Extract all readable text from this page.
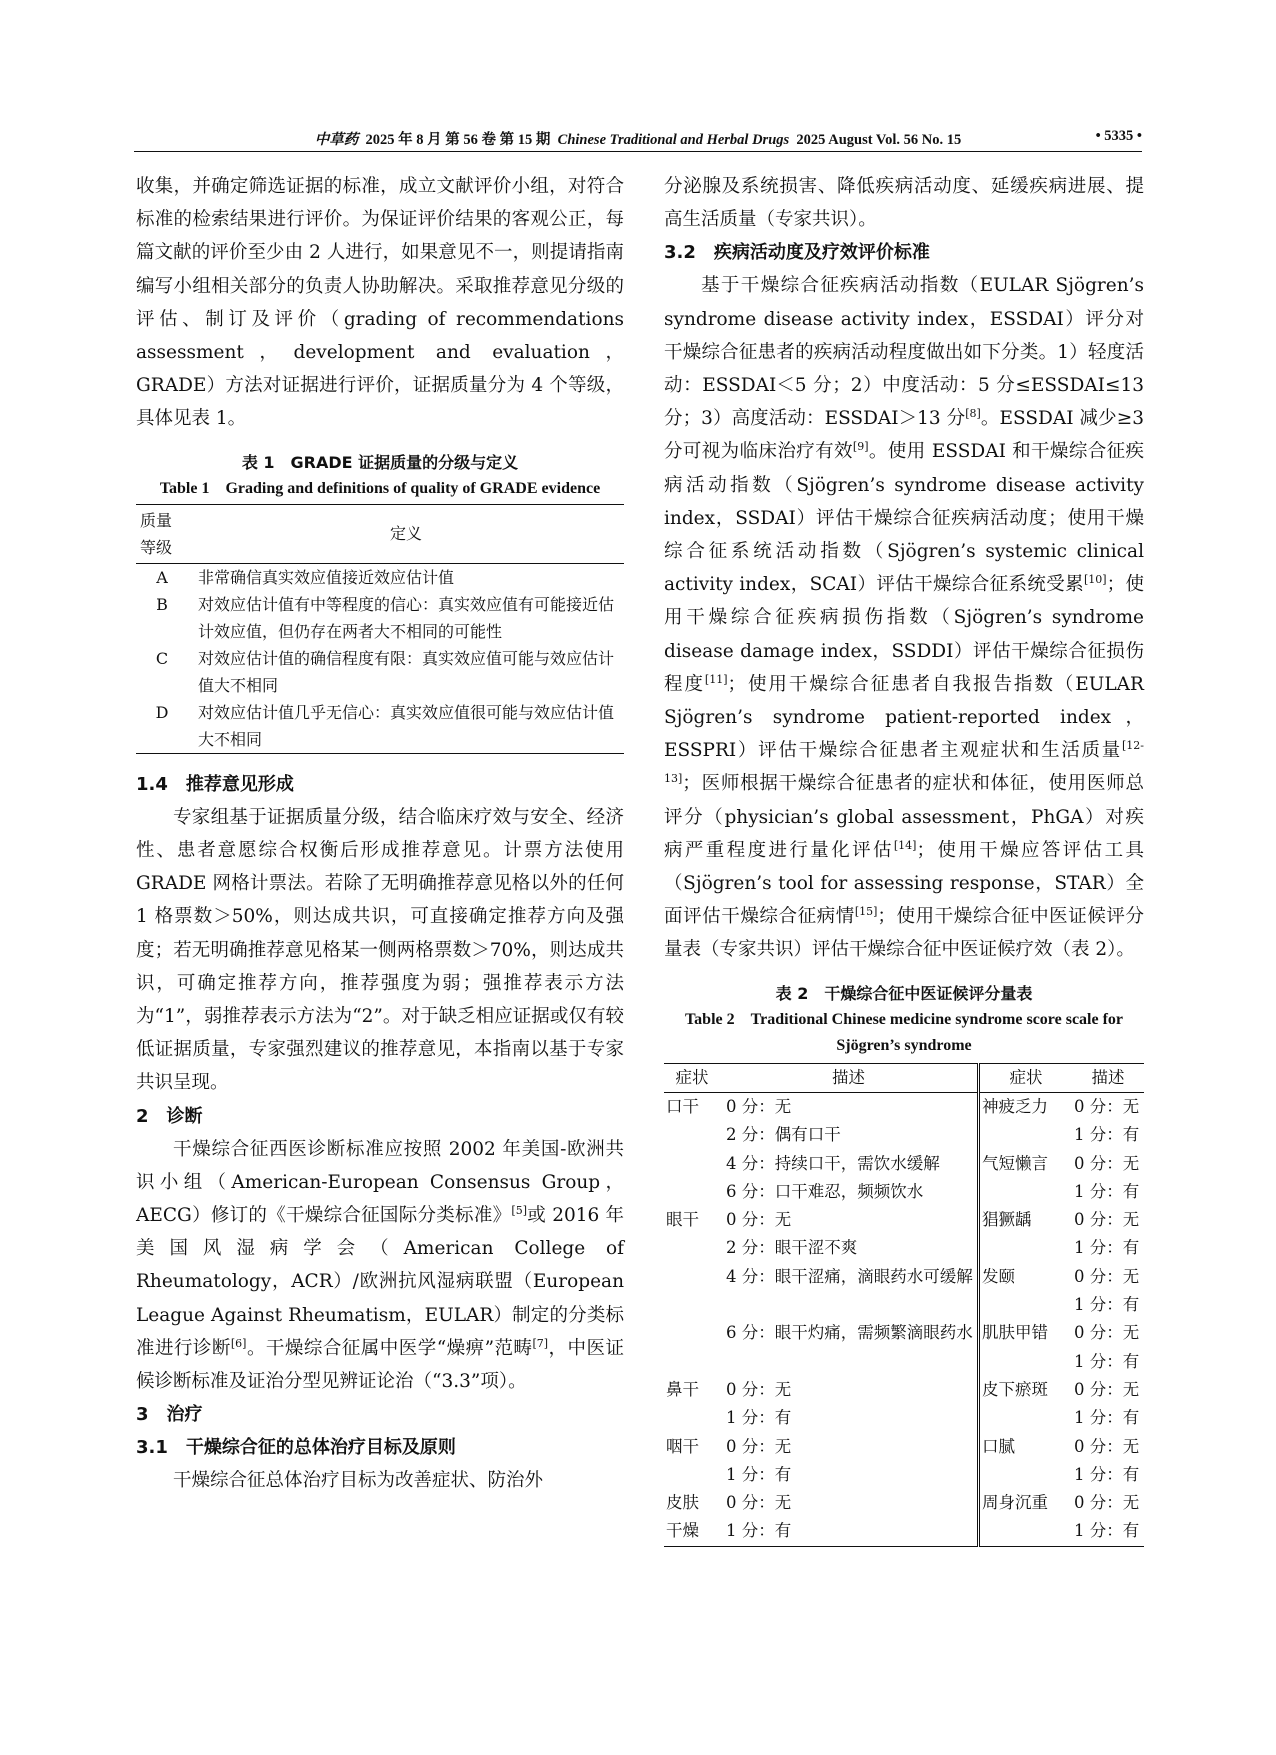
中草药 2025 年 8 月 第 56 卷 第 15 期 Chinese Traditional and Herbal Drugs 2025 August Vol. 56 No. 15	• 5335 •

收集，并确定筛选证据的标准，成立文献评价小组，对符合标准的检索结果进行评价。为保证评价结果的客观公正，每篇文献的评价至少由 2 人进行，如果意见不一，则提请指南编写小组相关部分的负责人协助解决。采取推荐意见分级的评估、制订及评价（grading of recommendations assessment，development and evaluation，GRADE）方法对证据进行评价，证据质量分为 4 个等级，具体见表 1。

表 1　GRADE 证据质量的分级与定义
Table 1　Grading and definitions of quality of GRADE evidence
质量等级	定义
A	非常确信真实效应值接近效应估计值
B	对效应估计值有中等程度的信心：真实效应值有可能接近估计效应值，但仍存在两者大不相同的可能性
C	对效应估计值的确信程度有限：真实效应值可能与效应估计值大不相同
D	对效应估计值几乎无信心：真实效应值很可能与效应估计值大不相同

1.4　推荐意见形成

专家组基于证据质量分级，结合临床疗效与安全、经济性、患者意愿综合权衡后形成推荐意见。计票方法使用 GRADE 网格计票法。若除了无明确推荐意见格以外的任何 1 格票数＞50%，则达成共识，可直接确定推荐方向及强度；若无明确推荐意见格某一侧两格票数＞70%，则达成共识，可确定推荐方向，推荐强度为弱；强推荐表示方法为“1”，弱推荐表示方法为“2”。对于缺乏相应证据或仅有较低证据质量，专家强烈建议的推荐意见，本指南以基于专家共识呈现。

2　诊断

干燥综合征西医诊断标准应按照 2002 年美国-欧洲共识小组（American-European Consensus Group，AECG）修订的《干燥综合征国际分类标准》[5]或 2016 年美国风湿病学会（American College of Rheumatology，ACR）/欧洲抗风湿病联盟（European League Against Rheumatism，EULAR）制定的分类标准进行诊断[6]。干燥综合征属中医学“燥痹”范畴[7]，中医证候诊断标准及证治分型见辨证论治（“3.3”项）。

3　治疗

3.1　干燥综合征的总体治疗目标及原则

干燥综合征总体治疗目标为改善症状、防治外

分泌腺及系统损害、降低疾病活动度、延缓疾病进展、提高生活质量（专家共识）。

3.2　疾病活动度及疗效评价标准

基于干燥综合征疾病活动指数（EULAR Sjögren’s syndrome disease activity index，ESSDAI）评分对干燥综合征患者的疾病活动程度做出如下分类。1）轻度活动：ESSDAI＜5 分；2）中度活动：5 分≤ESSDAI≤13 分；3）高度活动：ESSDAI＞13 分[8]。ESSDAI 减少≥3 分可视为临床治疗有效[9]。使用 ESSDAI 和干燥综合征疾病活动指数（Sjögren’s syndrome disease activity index，SSDAI）评估干燥综合征疾病活动度；使用干燥综合征系统活动指数（Sjögren’s systemic clinical activity index，SCAI）评估干燥综合征系统受累[10]；使用干燥综合征疾病损伤指数（Sjögren’s syndrome disease damage index，SSDDI）评估干燥综合征损伤程度[11]；使用干燥综合征患者自我报告指数（EULAR Sjögren’s syndrome patient-reported index，ESSPRI）评估干燥综合征患者主观症状和生活质量[12-13]；医师根据干燥综合征患者的症状和体征，使用医师总评分（physician’s global assessment，PhGA）对疾病严重程度进行量化评估[14]；使用干燥应答评估工具（Sjögren’s tool for assessing response，STAR）全面评估干燥综合征病情[15]；使用干燥综合征中医证候评分量表（专家共识）评估干燥综合征中医证候疗效（表 2）。

表 2　干燥综合征中医证候评分量表
Table 2　Traditional Chinese medicine syndrome score scale for Sjögren’s syndrome
症状	描述	症状	描述
口干	0 分：无	神疲乏力	0 分：无
	2 分：偶有口干		1 分：有
	4 分：持续口干，需饮水缓解	气短懒言	0 分：无
	6 分：口干难忍，频频饮水		1 分：有
眼干	0 分：无	猖獗龋	0 分：无
	2 分：眼干涩不爽		1 分：有
	4 分：眼干涩痛，滴眼药水可缓解	发颐	0 分：无
			1 分：有
	6 分：眼干灼痛，需频繁滴眼药水	肌肤甲错	0 分：无
			1 分：有
鼻干	0 分：无	皮下瘀斑	0 分：无
	1 分：有		1 分：有
咽干	0 分：无	口腻	0 分：无
	1 分：有		1 分：有
皮肤	0 分：无	周身沉重	0 分：无
干燥	1 分：有		1 分：有
